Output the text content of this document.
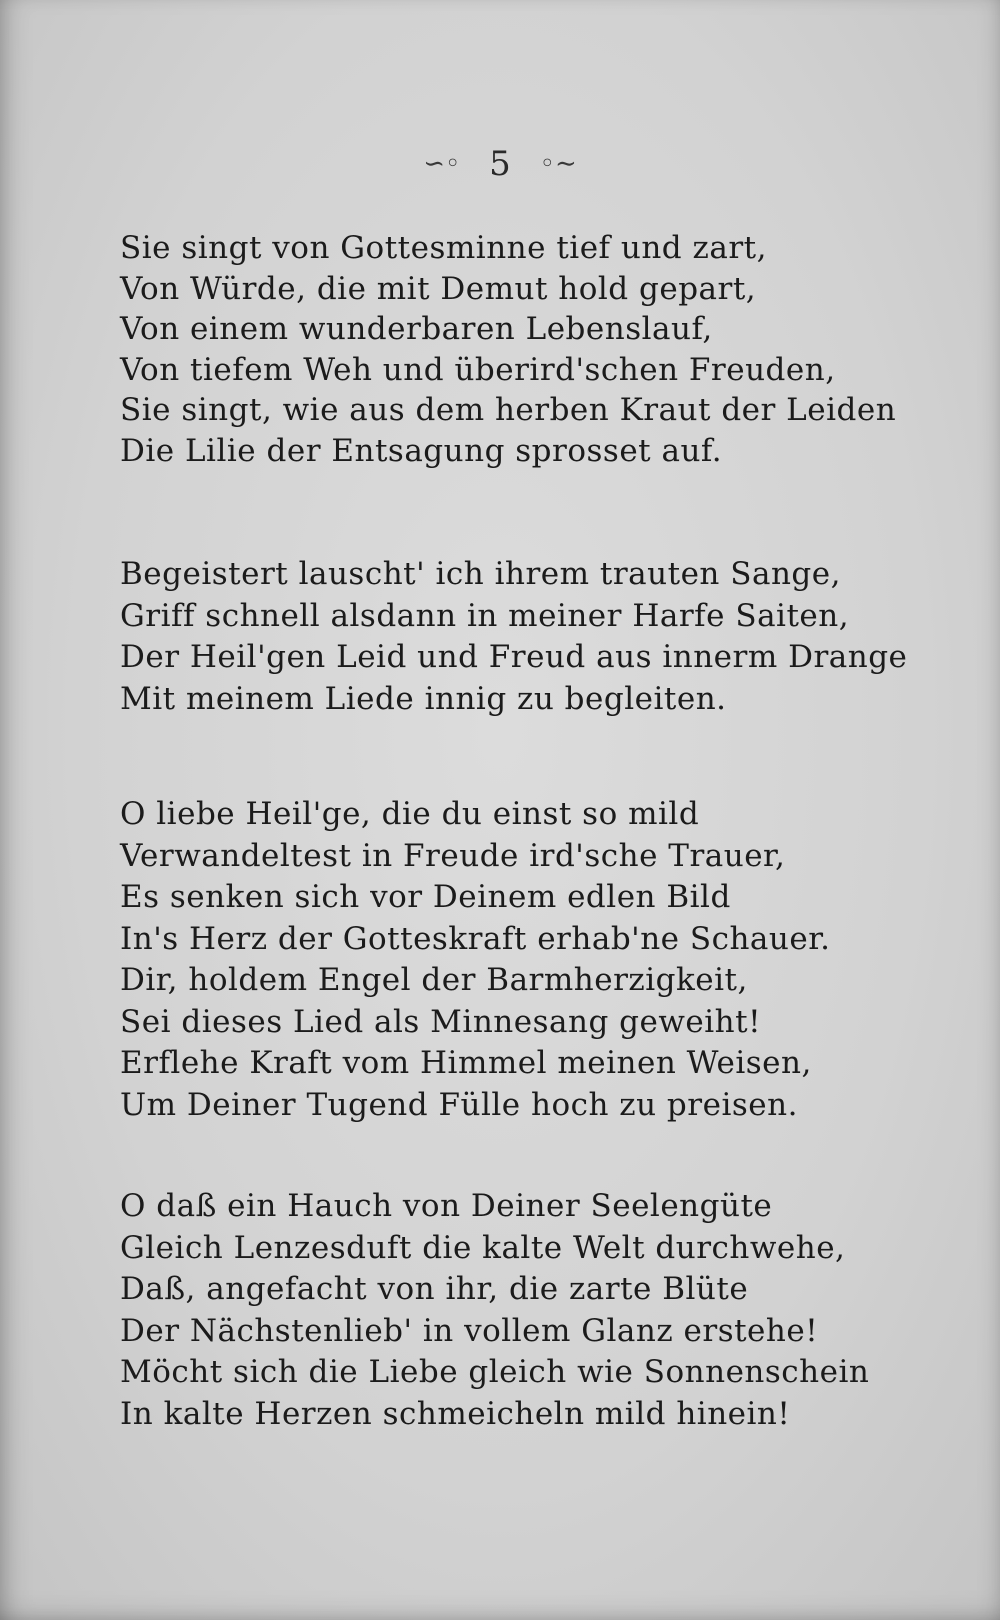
∽◦ 5 ◦∼
Sie singt von Gottesminne tief und zart,
Von Würde, die mit Demut hold gepart,
Von einem wunderbaren Lebenslauf,
Von tiefem Weh und überird'schen Freuden,
Sie singt, wie aus dem herben Kraut der Leiden
Die Lilie der Entsagung sprosset auf.
Begeistert lauscht' ich ihrem trauten Sange,
Griff schnell alsdann in meiner Harfe Saiten,
Der Heil'gen Leid und Freud aus innerm Drange
Mit meinem Liede innig zu begleiten.
O liebe Heil'ge, die du einst so mild
Verwandeltest in Freude ird'sche Trauer,
Es senken sich vor Deinem edlen Bild
In's Herz der Gotteskraft erhab'ne Schauer.
Dir, holdem Engel der Barmherzigkeit,
Sei dieses Lied als Minnesang geweiht!
Erflehe Kraft vom Himmel meinen Weisen,
Um Deiner Tugend Fülle hoch zu preisen.
O daß ein Hauch von Deiner Seelengüte
Gleich Lenzesduft die kalte Welt durchwehe,
Daß, angefacht von ihr, die zarte Blüte
Der Nächstenlieb' in vollem Glanz erstehe!
Möcht sich die Liebe gleich wie Sonnenschein
In kalte Herzen schmeicheln mild hinein!
